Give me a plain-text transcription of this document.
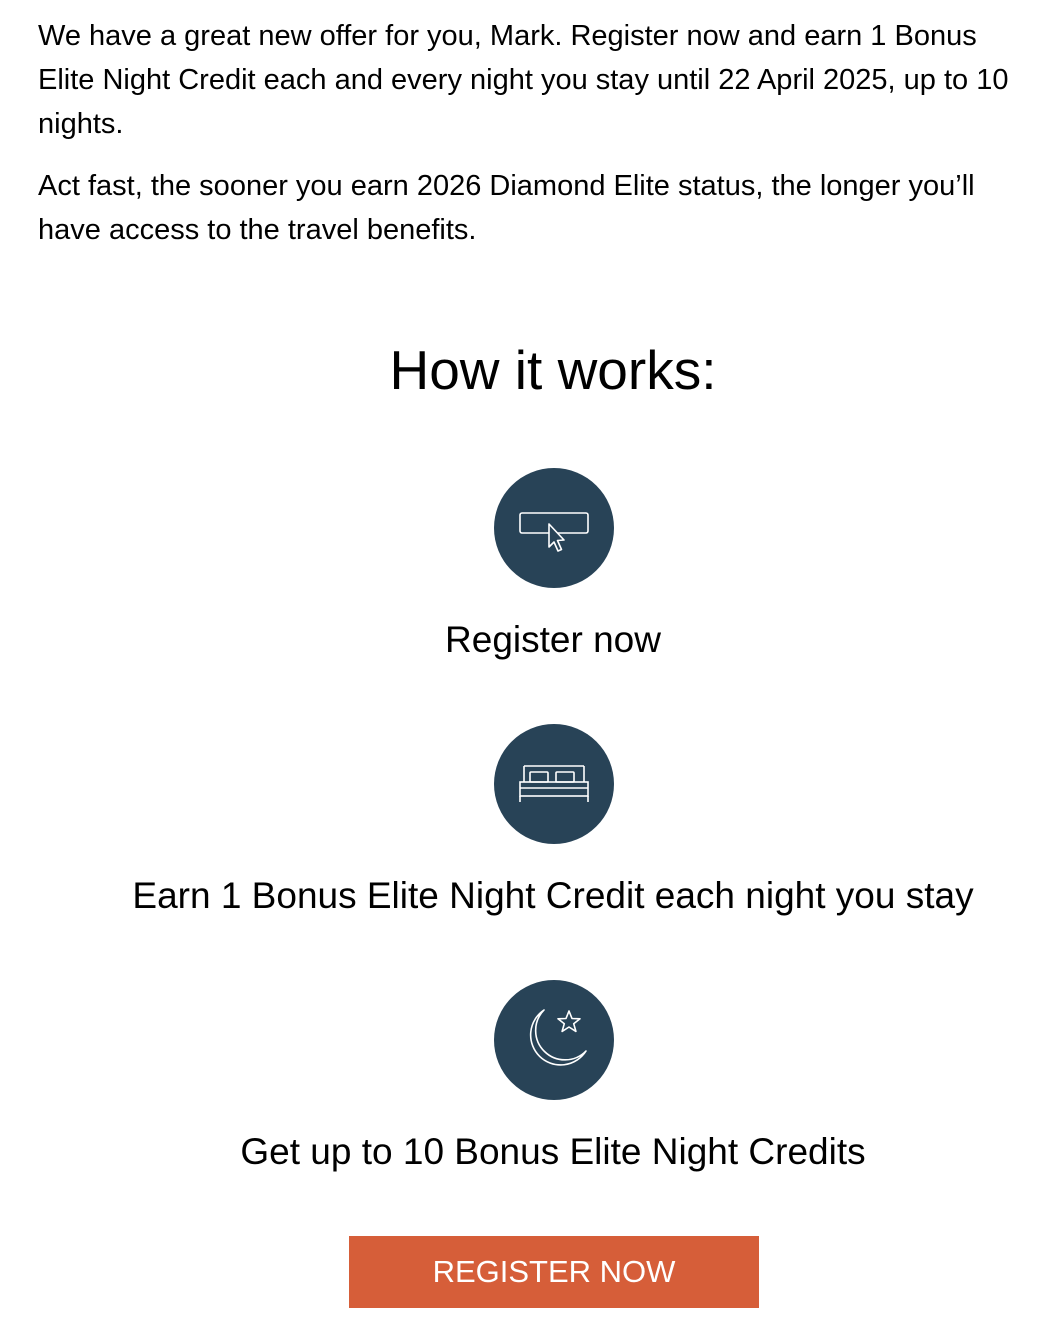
We have a great new offer for you, Mark. Register now and earn 1 Bonus Elite Night Credit each and every night you stay until 22 April 2025, up to 10 nights.

Act fast, the sooner you earn 2026 Diamond Elite status, the longer you’ll have access to the travel benefits.

How it works:
Register now
Earn 1 Bonus Elite Night Credit each night you stay
Get up to 10 Bonus Elite Night Credits
REGISTER NOW
